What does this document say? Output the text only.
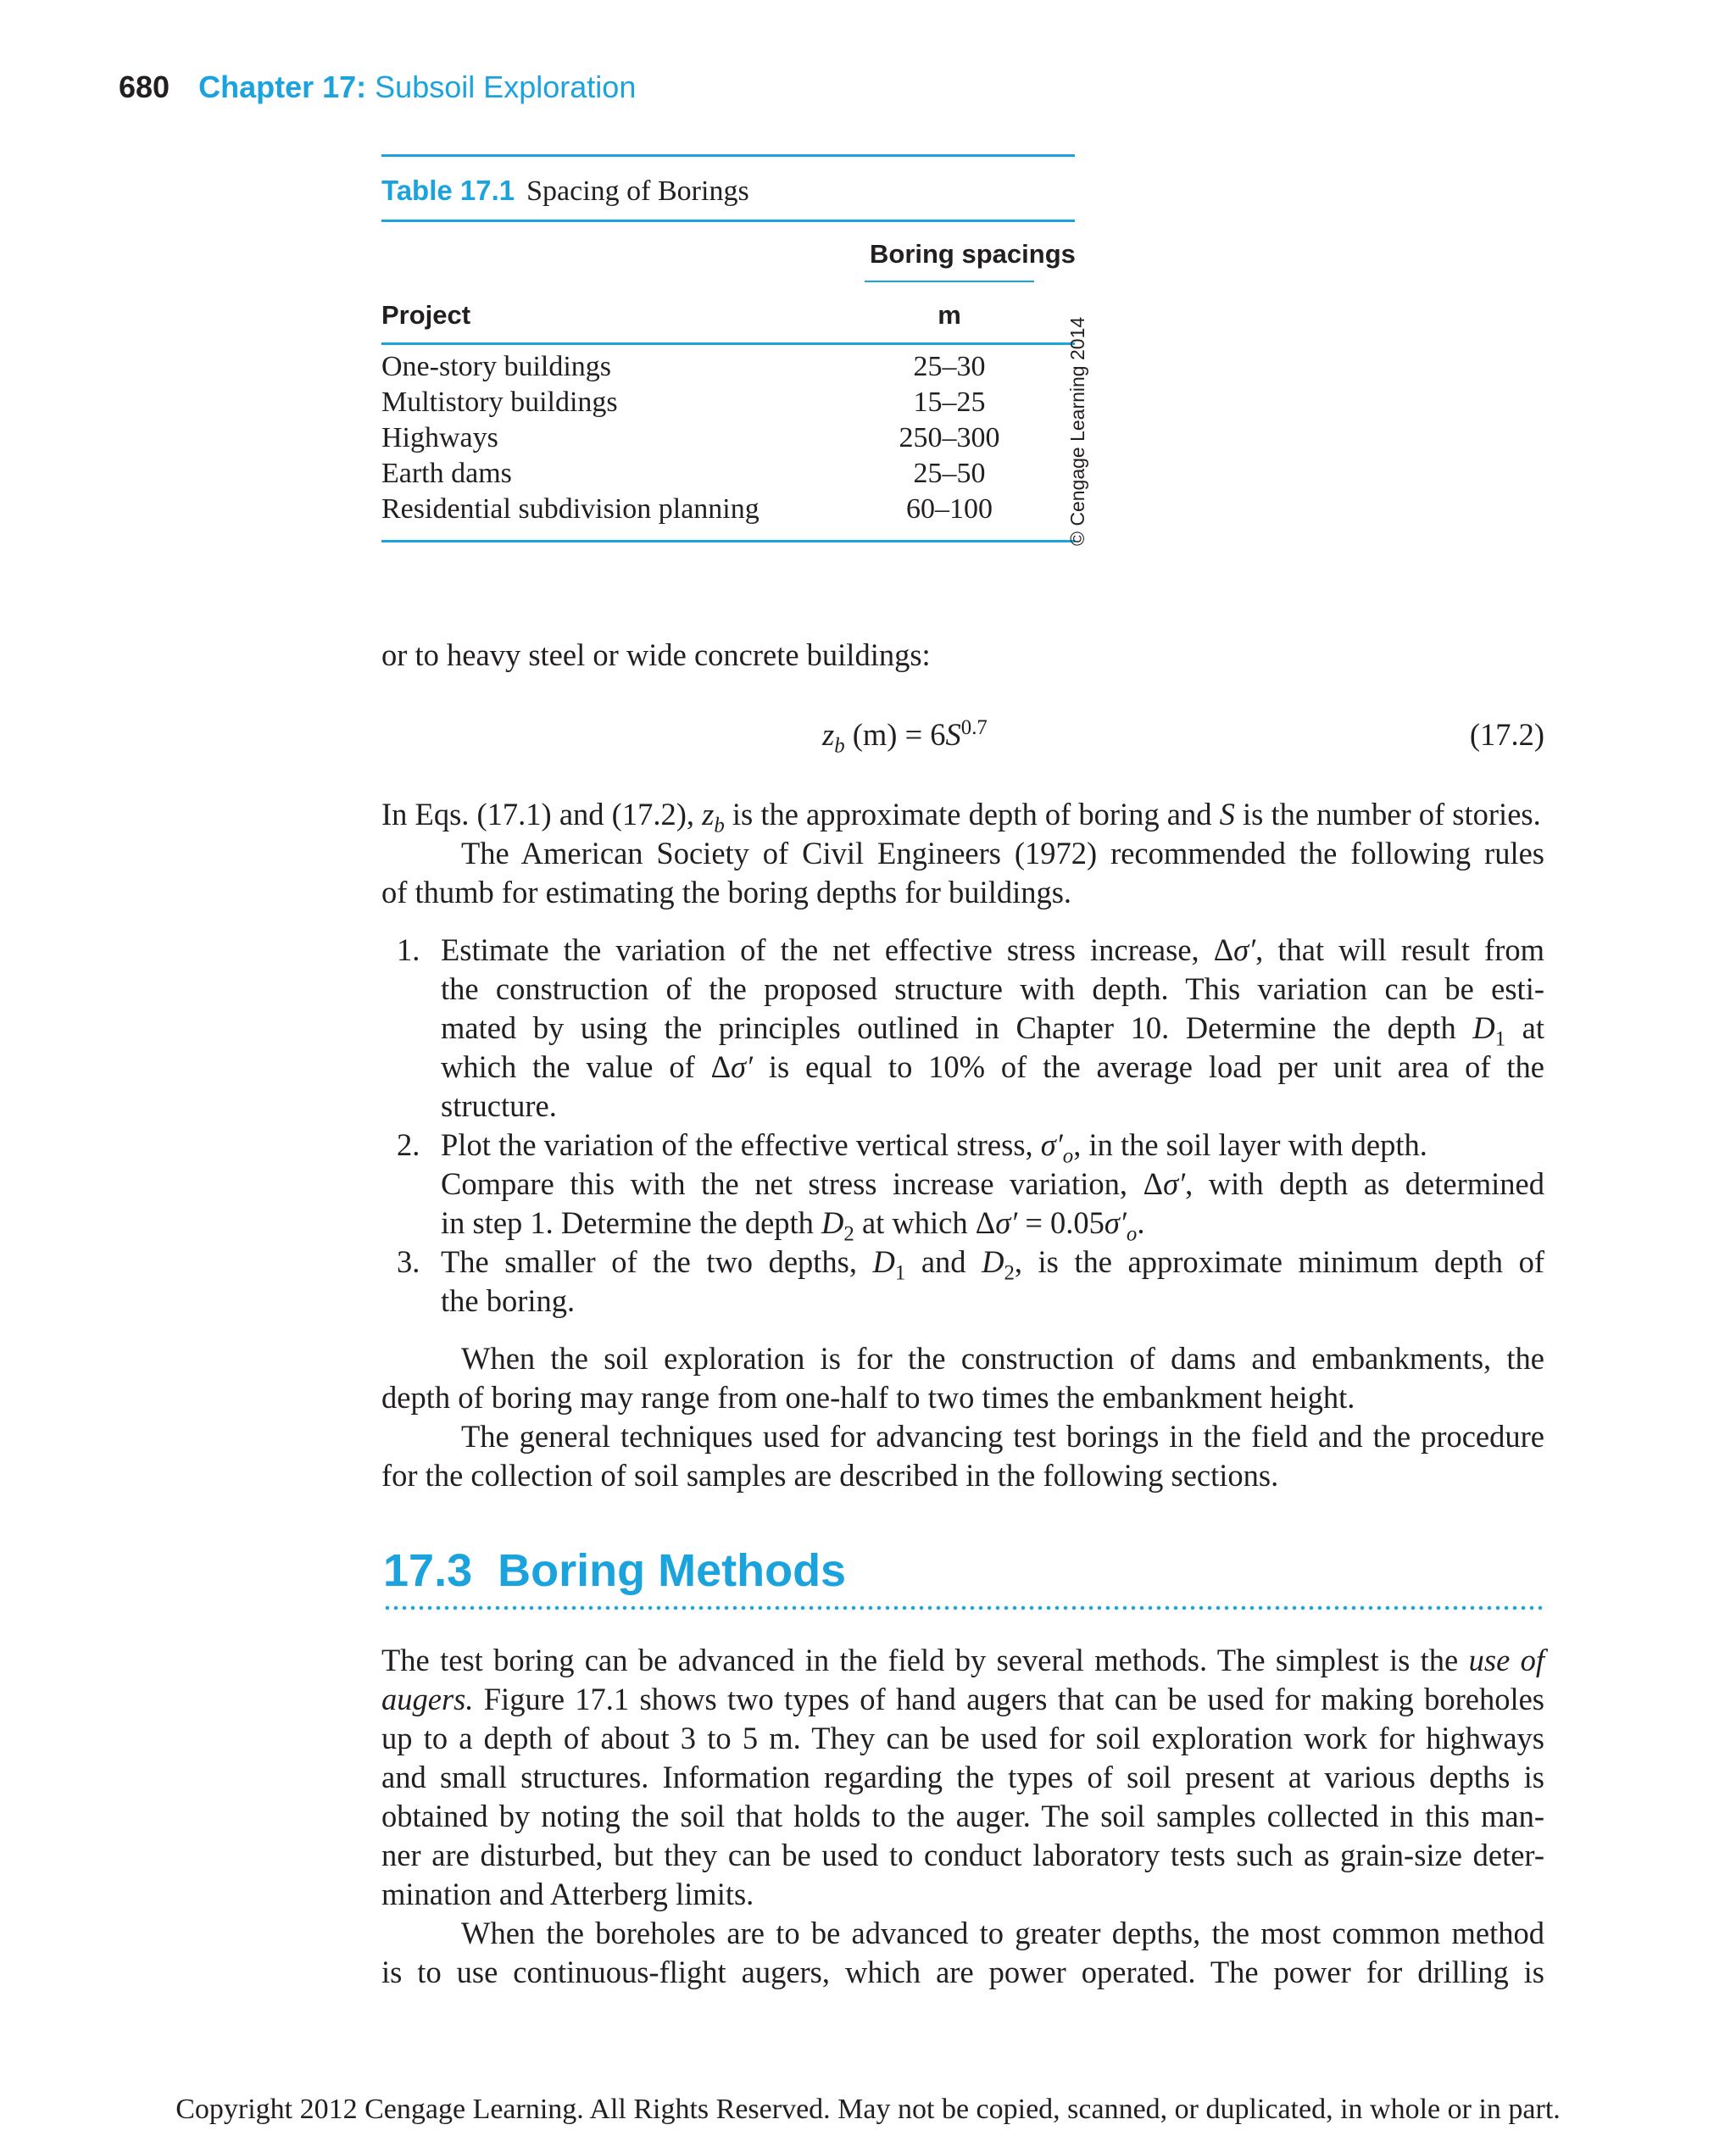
680 Chapter 17: Subsoil Exploration
Table 17.1 Spacing of Borings
Boring spacings
Project	m
One-story buildings	25–30
Multistory buildings	15–25
Highways	250–300
Earth dams	25–50
Residential subdivision planning	60–100	© Cengage Learning 2014
or to heavy steel or wide concrete buildings:
$z_b$ $(m) = 6S^{0.7}$	(17.2)
In Eqs. (17.1) and (17.2), $z_b$ is the approximate depth of boring and S is the number of stories.
The American Society of Civil Engineers (1972) recommended the following rules
of thumb for estimating the boring depths for buildings.
1. Estimate the variation of the net effective stress increase, Δσ′, that will result from
the construction of the proposed structure with depth. This variation can be esti-
mated by using the principles outlined in Chapter 10. Determine the depth $D_1$ at
which the value of Δσ′ is equal to 10% of the average load per unit area of the
structure.
2. Plot the variation of the effective vertical stress, $\sigma'_o$, in the soil layer with depth.
Compare this with the net stress increase variation, Δσ′, with depth as determined
in step 1. Determine the depth $D_2$ at which $\Delta\sigma' = 0.05\sigma'_o$.
3. The smaller of the two depths, $D_1$ and $D_2$, is the approximate minimum depth of
the boring.
When the soil exploration is for the construction of dams and embankments, the
depth of boring may range from one-half to two times the embankment height.
The general techniques used for advancing test borings in the field and the procedure
for the collection of soil samples are described in the following sections.
17.3 Boring Methods
The test boring can be advanced in the field by several methods. The simplest is the use of
augers. Figure 17.1 shows two types of hand augers that can be used for making boreholes
up to a depth of about 3 to 5 m. They can be used for soil exploration work for highways
and small structures. Information regarding the types of soil present at various depths is
obtained by noting the soil that holds to the auger. The soil samples collected in this man-
ner are disturbed, but they can be used to conduct laboratory tests such as grain-size deter-
mination and Atterberg limits.
When the boreholes are to be advanced to greater depths, the most common method
is to use continuous-flight augers, which are power operated. The power for drilling is
Copyright 2012 Cengage Learning. All Rights Reserved. May not be copied, scanned, or duplicated, in whole or in part.
